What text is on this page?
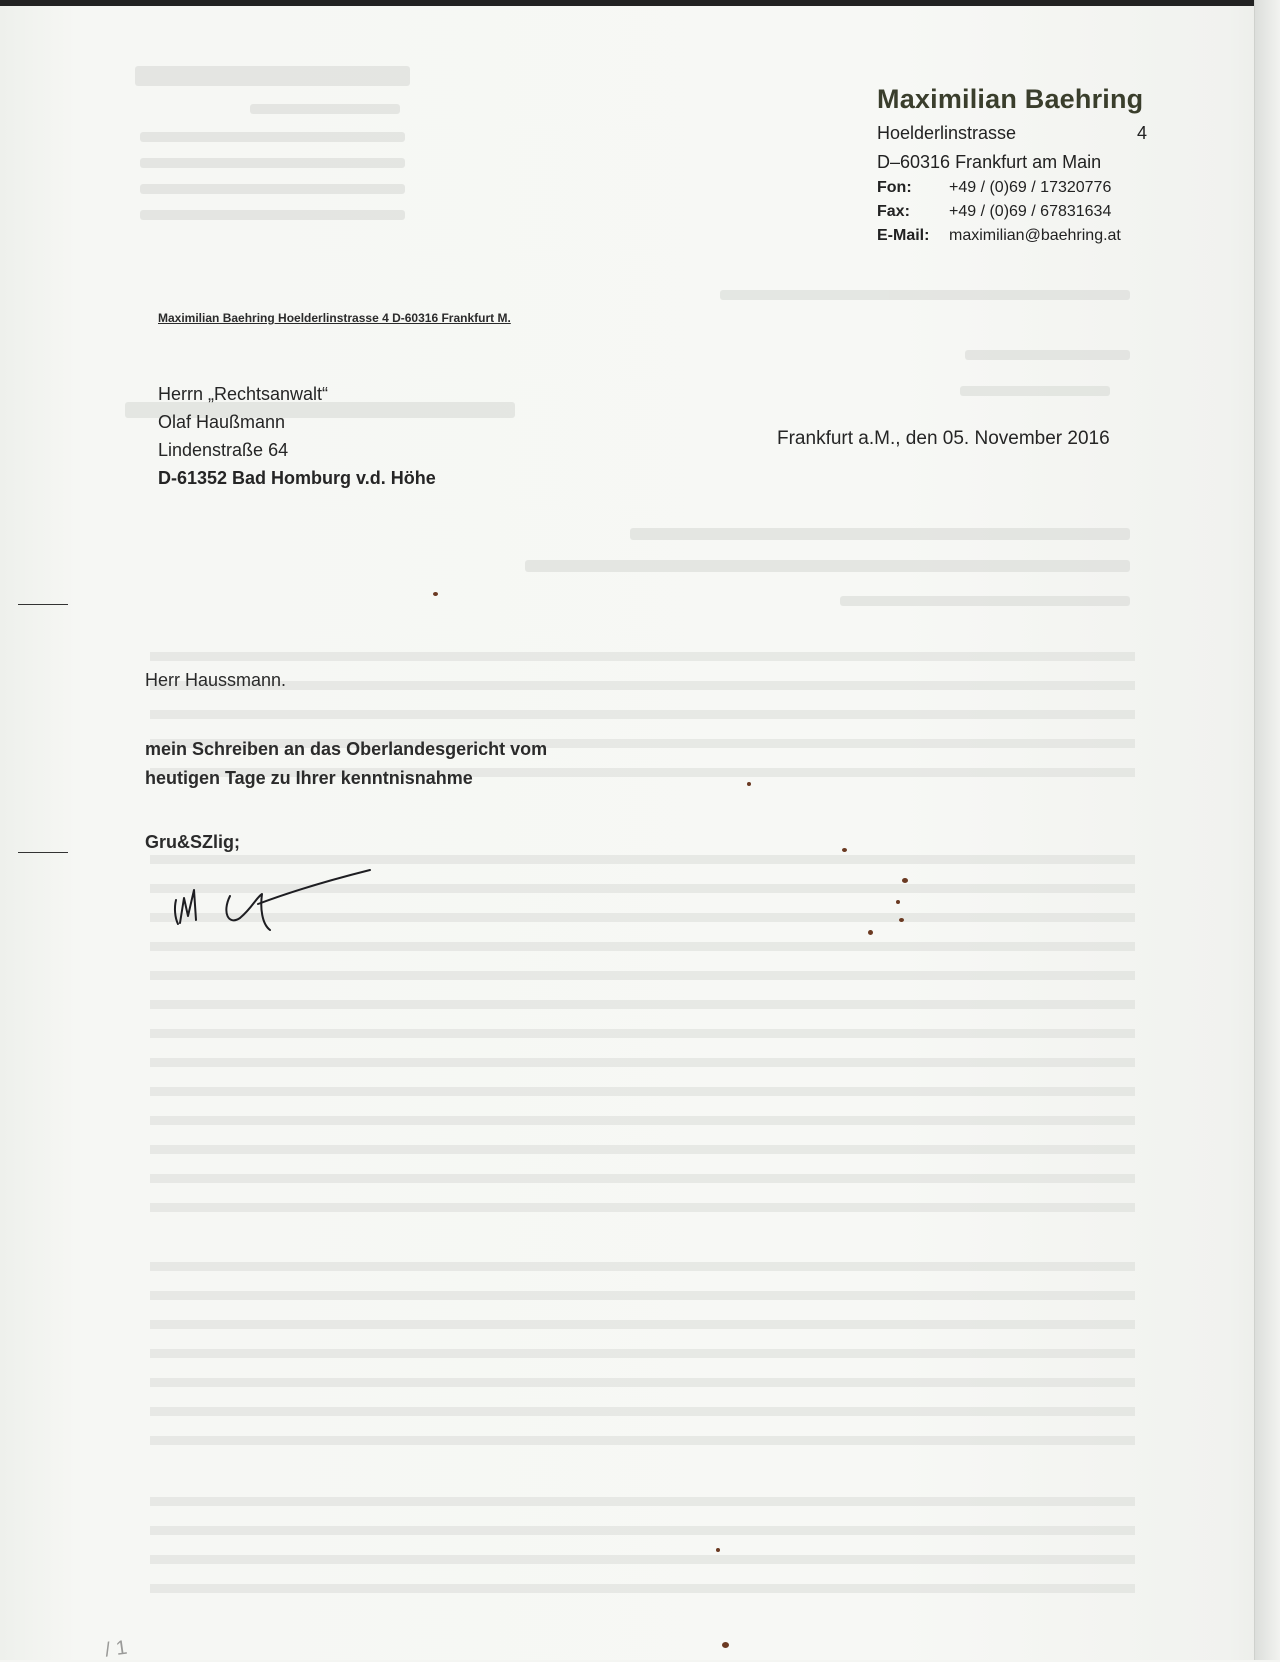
Maximilian Baehring
Hoelderlinstrasse	4
D–60316 Frankfurt am Main
Fon:	+49 / (0)69 / 17320776
Fax:	+49 / (0)69 / 67831634
E-Mail:	maximilian@baehring.at
Maximilian Baehring Hoelderlinstrasse 4 D-60316 Frankfurt M.
Herrn „Rechtsanwalt“
Olaf Haußmann
Lindenstraße 64
D-61352 Bad Homburg v.d. Höhe
Frankfurt a.M., den 05. November 2016
Herr Haussmann.
mein Schreiben an das Oberlandesgericht vom
heutigen Tage zu Ihrer kenntnisnahme
Gru&SZlig;
/ 1
